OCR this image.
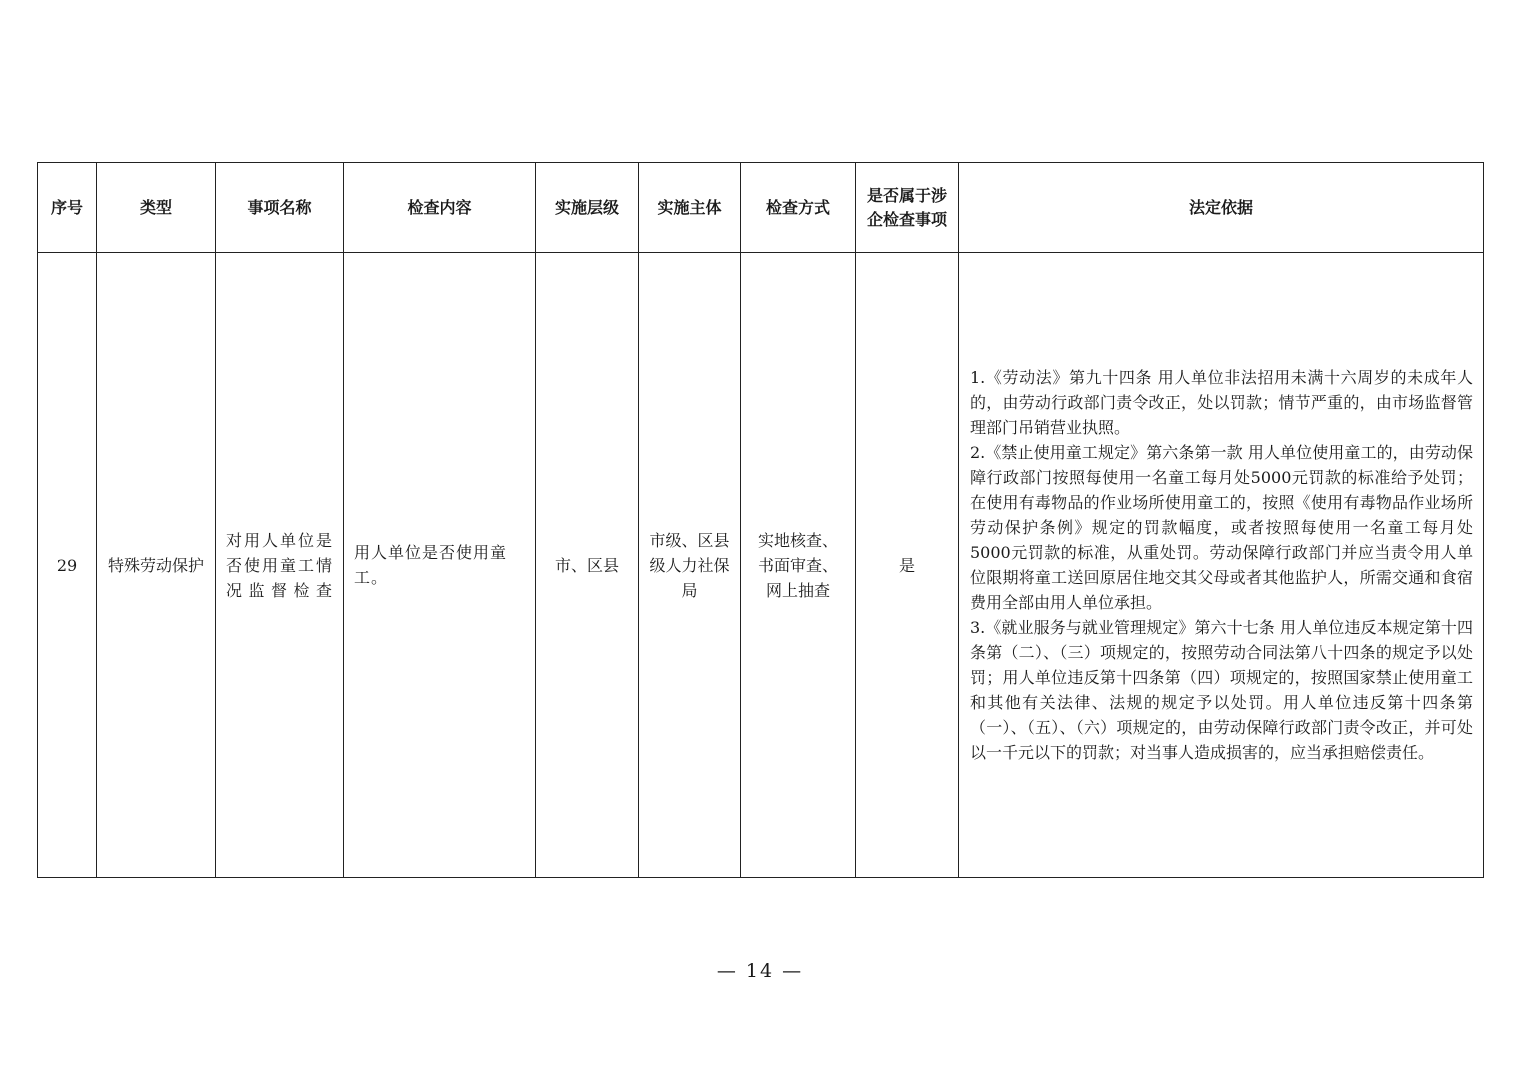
序号	类型	事项名称	检查内容	实施层级	实施主体	检查方式	是否属于涉企检查事项	法定依据
29	特殊劳动保护	对用人单位是否使用童工情况监督检查	用人单位是否使用童工。	市、区县	市级、区县级人力社保局	实地核查、书面审查、网上抽查	是	1.《劳动法》第九十四条 用人单位非法招用未满十六周岁的未成年人的，由劳动行政部门责令改正，处以罚款；情节严重的，由市场监督管理部门吊销营业执照。

2.《禁止使用童工规定》第六条第一款 用人单位使用童工的，由劳动保障行政部门按照每使用一名童工每月处5000元罚款的标准给予处罚；在使用有毒物品的作业场所使用童工的，按照《使用有毒物品作业场所劳动保护条例》规定的罚款幅度，或者按照每使用一名童工每月处5000元罚款的标准，从重处罚。劳动保障行政部门并应当责令用人单位限期将童工送回原居住地交其父母或者其他监护人，所需交通和食宿费用全部由用人单位承担。

3.《就业服务与就业管理规定》第六十七条 用人单位违反本规定第十四条第（二）、（三）项规定的，按照劳动合同法第八十四条的规定予以处罚；用人单位违反第十四条第（四）项规定的，按照国家禁止使用童工和其他有关法律、法规的规定予以处罚。用人单位违反第十四条第（一）、（五）、（六）项规定的，由劳动保障行政部门责令改正，并可处以一千元以下的罚款；对当事人造成损害的，应当承担赔偿责任。

— 14 —
